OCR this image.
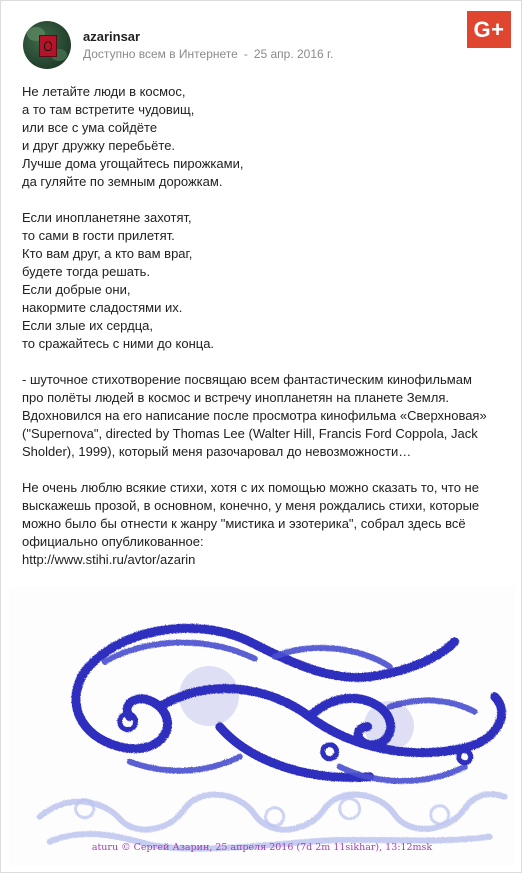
G+
azarinsar
Доступно всем в Интернете - 25 апр. 2016 г.

Не летайте люди в космос,

а то там встретите чудовищ,

или все с ума сойдёте

и друг дружку перебьёте.

Лучше дома угощайтесь пирожками,

да гуляйте по земным дорожкам.

Если инопланетяне захотят,

то сами в гости прилетят.

Кто вам друг, а кто вам враг,

будете тогда решать.

Если добрые они,

накормите сладостями их.

Если злые их сердца,

то сражайтесь с ними до конца.

- шуточное стихотворение посвящаю всем фантастическим кинофильмам

про полёты людей в космос и встречу инопланетян на планете Земля.

Вдохновился на его написание после просмотра кинофильма «Сверхновая»

("Supernova", directed by Thomas Lee (Walter Hill, Francis Ford Coppola, Jack

Sholder), 1999), который меня разочаровал до невозможности…

Не очень люблю всякие стихи, хотя с их помощью можно сказать то, что не

выскажешь прозой, в основном, конечно, у меня рождались стихи, которые

можно было бы отнести к жанру "мистика и эзотерика", собрал здесь всё

официально опубликованное:

http://www.stihi.ru/avtor/azarin

aturu © Сергей Азарин, 25 апреля 2016 (7d 2m 11sikhar), 13:12msk
